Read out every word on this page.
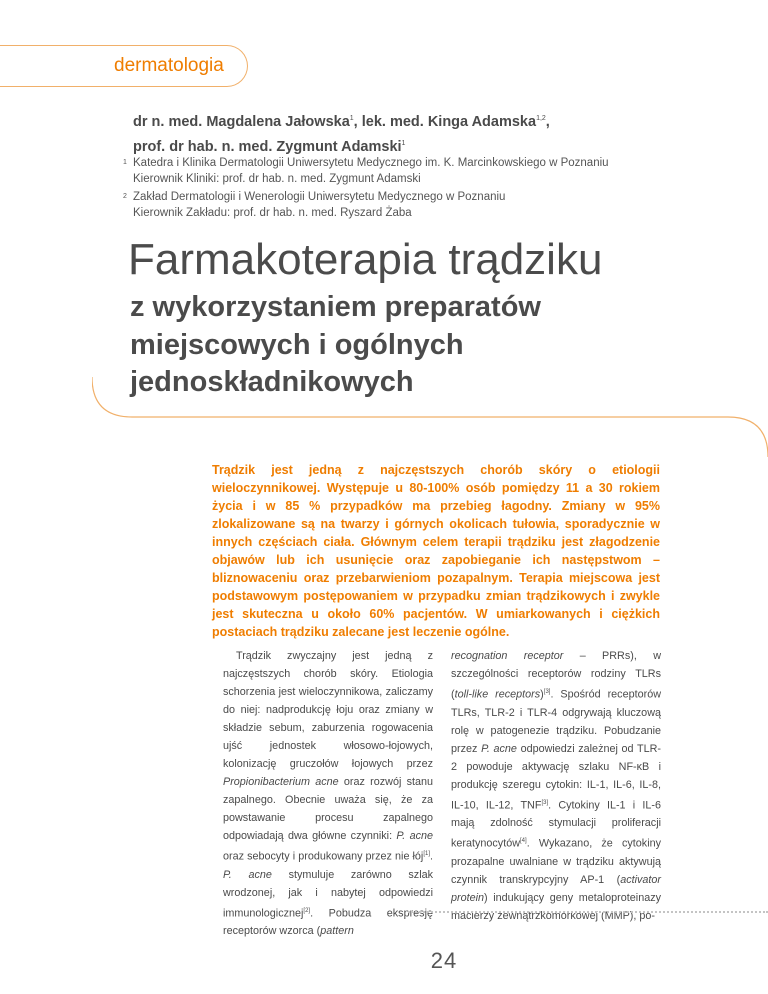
dermatologia
dr n. med. Magdalena Jałowska$^1$, lek. med. Kinga Adamska$^{1,2}$,
prof. dr hab. n. med. Zygmunt Adamski$^1$
1 Katedra i Klinika Dermatologii Uniwersytetu Medycznego im. K. Marcinkowskiego w Poznaniu
Kierownik Kliniki: prof. dr hab. n. med. Zygmunt Adamski
2 Zakład Dermatologii i Wenerologii Uniwersytetu Medycznego w Poznaniu
Kierownik Zakładu: prof. dr hab. n. med. Ryszard Żaba
Farmakoterapia trądziku
z wykorzystaniem preparatów
miejscowych i ogólnych
jednoskładnikowych

Trądzik jest jedną z najczęstszych chorób skóry o etiologii wieloczynnikowej. Występuje u 80-100% osób pomiędzy 11 a 30 rokiem życia i w 85 % przypadków ma przebieg łagodny. Zmiany w 95% zlokalizowane są na twarzy i górnych okolicach tułowia, sporadycznie w innych częściach ciała. Głównym celem terapii trądziku jest złagodzenie objawów lub ich usunięcie oraz zapobieganie ich następstwom – bliznowaceniu oraz przebarwieniom pozapalnym. Terapia miejscowa jest podstawowym postępowaniem w przypadku zmian trądzikowych i zwykle jest skuteczna u około 60% pacjentów. W umiarkowanych i ciężkich postaciach trądziku zalecane jest leczenie ogólne.

Trądzik zwyczajny jest jedną z najczęstszych chorób skóry. Etiologia schorzenia jest wieloczynnikowa, zaliczamy do niej: nadprodukcję łoju oraz zmiany w składzie sebum, zaburzenia rogowacenia ujść jednostek włosowo-łojowych, kolonizację gruczołów łojowych przez Propionibacterium acne oraz rozwój stanu zapalnego. Obecnie uważa się, że za powstawanie procesu zapalnego odpowiadają dwa główne czynniki: P. acne oraz sebocyty i produkowany przez nie łój[1]. P. acne stymuluje zarówno szlak wrodzonej, jak i nabytej odpowiedzi immunologicznej[2]. Pobudza ekspresję receptorów wzorca (pattern

recognation receptor – PRRs), w szczególności receptorów rodziny TLRs (toll-like receptors)[3]. Spośród receptorów TLRs, TLR-2 i TLR-4 odgrywają kluczową rolę w patogenezie trądziku. Pobudzanie przez P. acne odpowiedzi zależnej od TLR-2 powoduje aktywację szlaku NF-κB i produkcję szeregu cytokin: IL-1, IL-6, IL-8, IL-10, IL-12, TNF[3]. Cytokiny IL-1 i IL-6 mają zdolność stymulacji proliferacji keratynocytów[4]. Wykazano, że cytokiny prozapalne uwalniane w trądziku aktywują czynnik transkrypcyjny AP-1 (activator protein) indukujący geny metaloproteinazy macierzy zewnątrzkomórkowej (MMP), po-

24
